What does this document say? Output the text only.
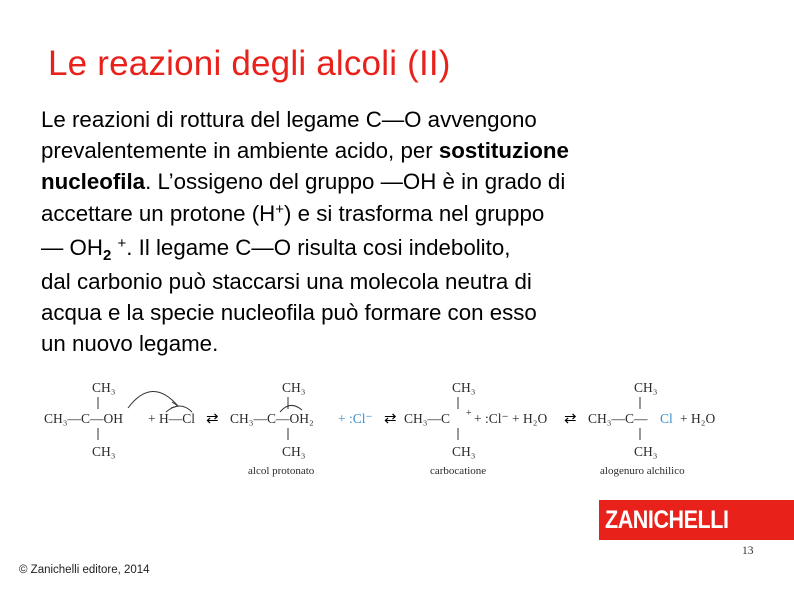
Le reazioni degli alcoli (II)
Le reazioni di rottura del legame C—O avvengono
prevalentemente in ambiente acido, per sostituzione
nucleofila. L’ossigeno del gruppo —OH è in grado di
accettare un protone (H+) e si trasforma nel gruppo
— $OH_2$ +. Il legame C—O risulta cosi indebolito,
dal carbonio può staccarsi una molecola neutra di
acqua e la specie nucleofila può formare con esso
un nuovo legame.
CH₃
CH₃—C—OH
CH₃
+ H—Cl ⇄
CH₃
CH₃—C—OH₂
CH₃
+ :Cl⁻
alcol protonato
⇄
CH₃
CH₃—C +
CH₃
+ :Cl⁻ + H₂O
carbocatione
⇄
CH₃
CH₃—C— Cl + H₂O
CH₃
alogenuro alchilico
ZANICHELLI
13
© Zanichelli editore, 2014
